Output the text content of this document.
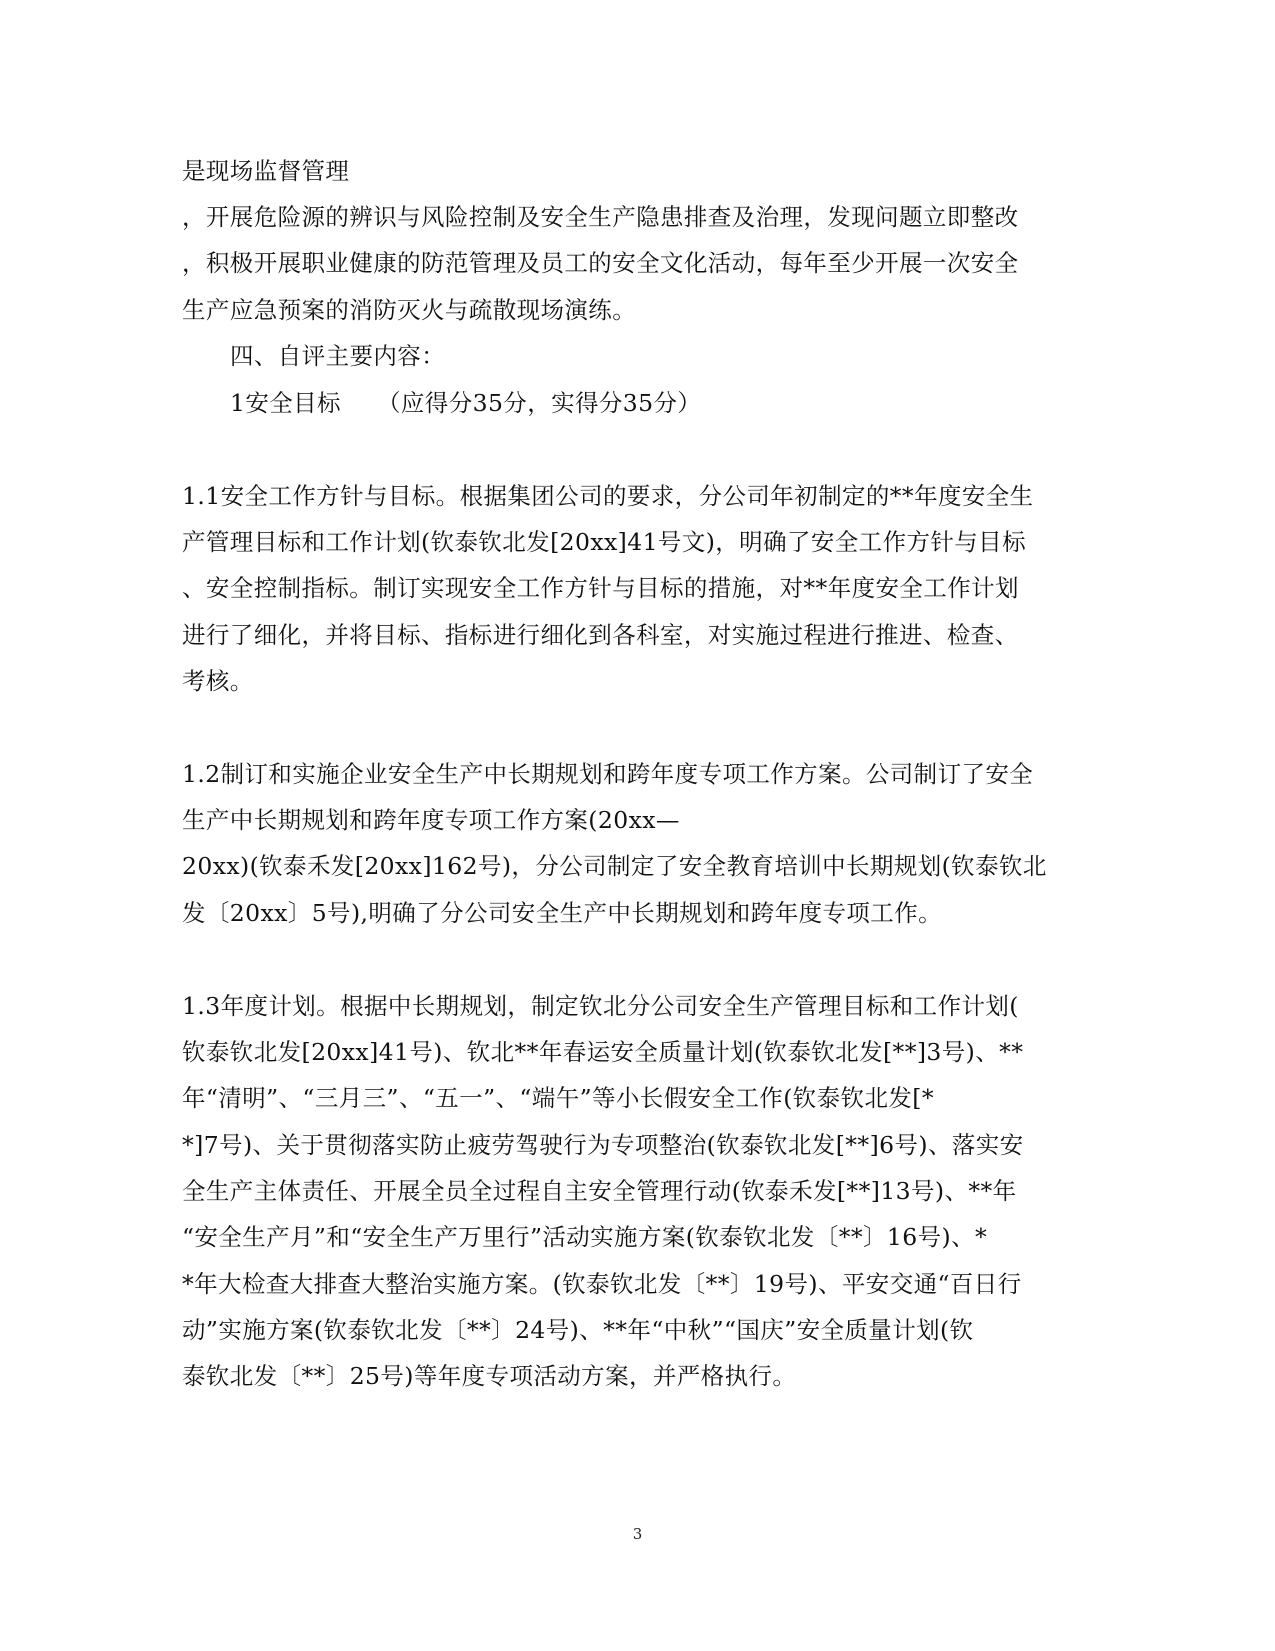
是现场监督管理
，开展危险源的辨识与风险控制及安全生产隐患排查及治理，发现问题立即整改
，积极开展职业健康的防范管理及员工的安全文化活动，每年至少开展一次安全
生产应急预案的消防灭火与疏散现场演练。
四、自评主要内容：
1安全目标　　（应得分35分，实得分35分）
1.1安全工作方针与目标。根据集团公司的要求，分公司年初制定的**年度安全生
产管理目标和工作计划(钦泰钦北发[20xx]41号文)，明确了安全工作方针与目标
、安全控制指标。制订实现安全工作方针与目标的措施，对**年度安全工作计划
进行了细化，并将目标、指标进行细化到各科室，对实施过程进行推进、检查、
考核。
1.2制订和实施企业安全生产中长期规划和跨年度专项工作方案。公司制订了安全
生产中长期规划和跨年度专项工作方案(20xx—
20xx)(钦泰禾发[20xx]162号)，分公司制定了安全教育培训中长期规划(钦泰钦北
发〔20xx〕5号),明确了分公司安全生产中长期规划和跨年度专项工作。
1.3年度计划。根据中长期规划，制定钦北分公司安全生产管理目标和工作计划(
钦泰钦北发[20xx]41号)、钦北**年春运安全质量计划(钦泰钦北发[**]3号)、**
年“清明”、“三月三”、“五一”、“端午”等小长假安全工作(钦泰钦北发[*
*]7号)、关于贯彻落实防止疲劳驾驶行为专项整治(钦泰钦北发[**]6号)、落实安
全生产主体责任、开展全员全过程自主安全管理行动(钦泰禾发[**]13号)、**年
“安全生产月”和“安全生产万里行”活动实施方案(钦泰钦北发〔**〕16号)、*
*年大检查大排查大整治实施方案。(钦泰钦北发〔**〕19号)、平安交通“百日行
动”实施方案(钦泰钦北发〔**〕24号)、**年“中秋”“国庆”安全质量计划(钦
泰钦北发〔**〕25号)等年度专项活动方案，并严格执行。
3
